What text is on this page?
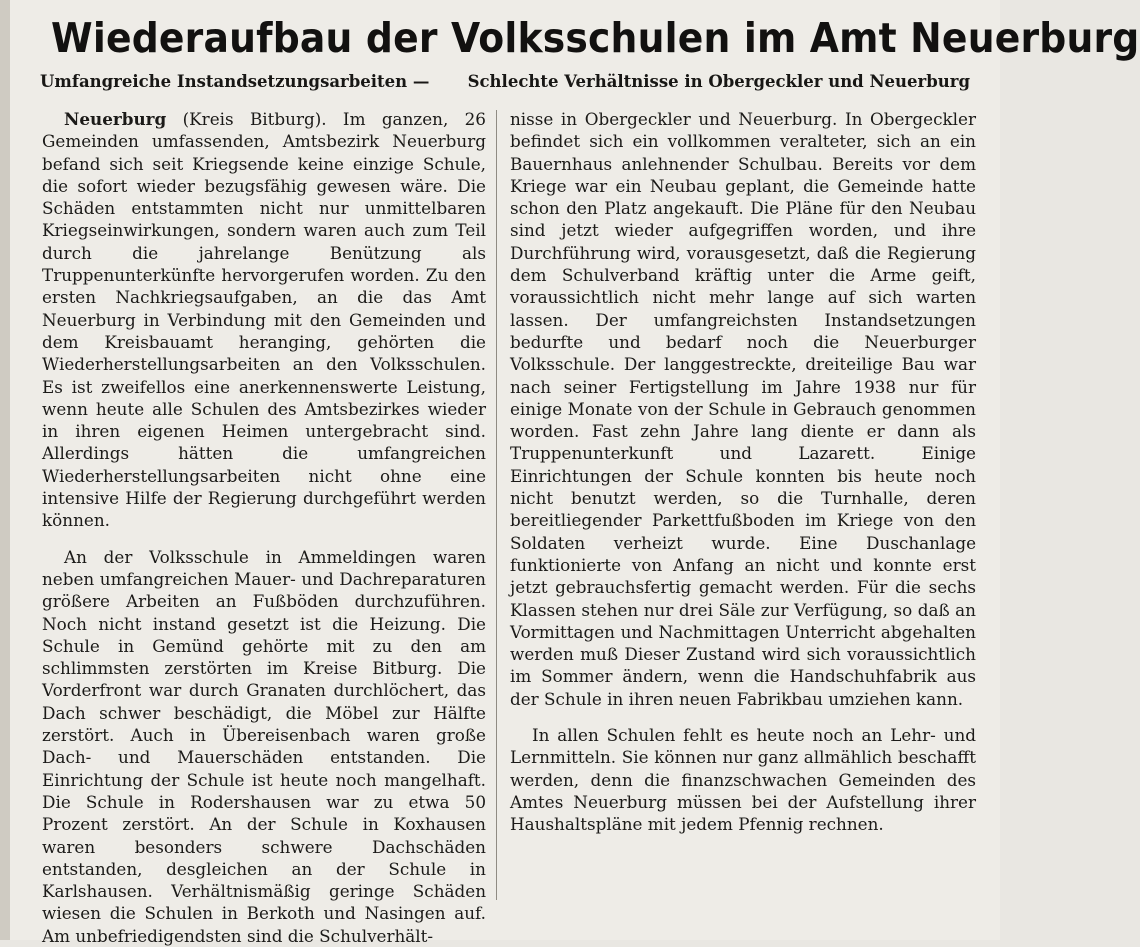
Wiederaufbau der Volksschulen im Amt Neuerburg
Umfangreiche Instandsetzungsarbeiten — Schlechte Verhältnisse in Obergeckler und Neuerburg

Neuerburg (Kreis Bitburg). Im ganzen, 26 Gemeinden umfassenden, Amtsbezirk Neuerburg befand sich seit Kriegsende keine einzige Schule, die sofort wieder bezugsfähig gewesen wäre. Die Schäden entstammten nicht nur unmittelbaren Kriegseinwirkungen, sondern waren auch zum Teil durch die jahrelange Benützung als Truppenunterkünfte hervorgerufen worden. Zu den ersten Nachkriegsaufgaben, an die das Amt Neuerburg in Verbindung mit den Gemeinden und dem Kreisbauamt heranging, gehörten die Wiederherstellungsarbeiten an den Volksschulen. Es ist zweifellos eine anerkennenswerte Leistung, wenn heute alle Schulen des Amtsbezirkes wieder in ihren eigenen Heimen untergebracht sind. Allerdings hätten die umfangreichen Wiederherstellungsarbeiten nicht ohne eine intensive Hilfe der Regierung durchgeführt werden können.

An der Volksschule in Ammeldingen waren neben umfangreichen Mauer- und Dachreparaturen größere Arbeiten an Fußböden durchzuführen. Noch nicht instand gesetzt ist die Heizung. Die Schule in Gemünd gehörte mit zu den am schlimmsten zerstörten im Kreise Bitburg. Die Vorderfront war durch Granaten durchlöchert, das Dach schwer beschädigt, die Möbel zur Hälfte zerstört. Auch in Übereisenbach waren große Dach- und Mauerschäden entstanden. Die Einrichtung der Schule ist heute noch mangelhaft. Die Schule in Rodershausen war zu etwa 50 Prozent zerstört. An der Schule in Koxhausen waren besonders schwere Dachschäden entstanden, desgleichen an der Schule in Karlshausen. Verhältnismäßig geringe Schäden wiesen die Schulen in Berkoth und Nasingen auf. Am unbefriedigendsten sind die Schulverhält-

nisse in Obergeckler und Neuerburg. In Obergeckler befindet sich ein vollkommen veralteter, sich an ein Bauernhaus anlehnender Schulbau. Bereits vor dem Kriege war ein Neubau geplant, die Gemeinde hatte schon den Platz angekauft. Die Pläne für den Neubau sind jetzt wieder aufgegriffen worden, und ihre Durchführung wird, vorausgesetzt, daß die Regierung dem Schulverband kräftig unter die Arme geift, voraussichtlich nicht mehr lange auf sich warten lassen. Der umfangreichsten Instandsetzungen bedurfte und bedarf noch die Neuerburger Volksschule. Der langgestreckte, dreiteilige Bau war nach seiner Fertigstellung im Jahre 1938 nur für einige Monate von der Schule in Gebrauch genommen worden. Fast zehn Jahre lang diente er dann als Truppenunterkunft und Lazarett. Einige Einrichtungen der Schule konnten bis heute noch nicht benutzt werden, so die Turnhalle, deren bereitliegender Parkettfußboden im Kriege von den Soldaten verheizt wurde. Eine Duschanlage funktionierte von Anfang an nicht und konnte erst jetzt gebrauchsfertig gemacht werden. Für die sechs Klassen stehen nur drei Säle zur Verfügung, so daß an Vormittagen und Nachmittagen Unterricht abgehalten werden muß Dieser Zustand wird sich voraussichtlich im Sommer ändern, wenn die Handschuhfabrik aus der Schule in ihren neuen Fabrikbau umziehen kann.

In allen Schulen fehlt es heute noch an Lehr- und Lernmitteln. Sie können nur ganz allmählich beschafft werden, denn die finanzschwachen Gemeinden des Amtes Neuerburg müssen bei der Aufstellung ihrer Haushaltspläne mit jedem Pfennig rechnen.
